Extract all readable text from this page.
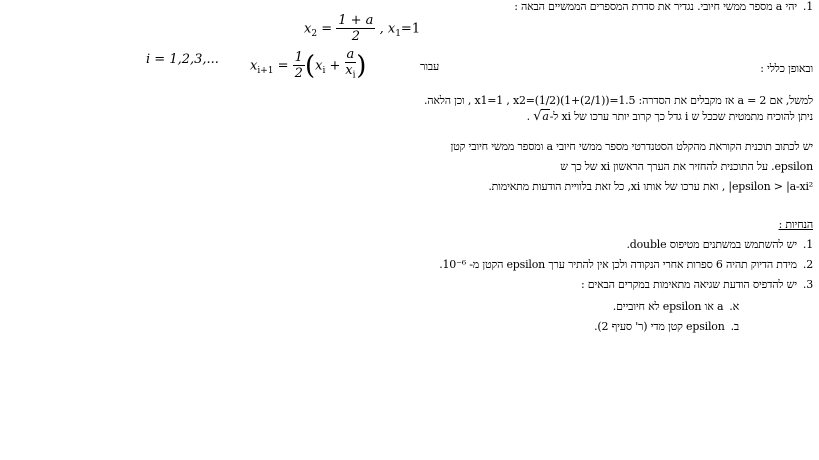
1.יהי a מספר ממשי חיובי. נגדיר את סדרת המספרים הממשיים הבאה :
$x_2 = \frac{1 + a}{2}$ , $x_1=1$
i = 1,2,3,...	עבור
$x_{i+1} = \frac{1}{2} (x_i + \frac{a}{x_i}$ )	ובאופן כללי :
למשל, אם a = 2 אז מקבלים את הסדרה: x1=1 , x2=(1/2)(1+(2/1))=1.5 , וכן הלאה.
ניתן להוכיח מתמטית שככל ש i גדל כך קרוב יותר ערכו של xi ל-√a .
יש לכתוב תוכנית הקוראת מהקלט הסטנדרטי מספר ממשי חיובי a ומספר ממשי חיובי קטן
epsilon. על התוכנית להחזיר את הערך הראשון xi של כך ש
epsilon > |a-xi²| , ואת ערכו של אותו xi, כל זאת בלוויית הודעות מתאימות.
הנחיות :
1.יש להשתמש במשתנים מטיפוס double.
2.מידת הדיוק תהיה 6 ספרות אחרי הנקודה ולכן אין להתיר ערך epsilon הקטן מ- 10⁻⁶.
3.יש להדפיס הודעת שגיאה מתאימות במקרים הבאים :
א.a או epsilon לא חיוביים.
ב.epsilon קטן מדי (ר' סעיף 2).
